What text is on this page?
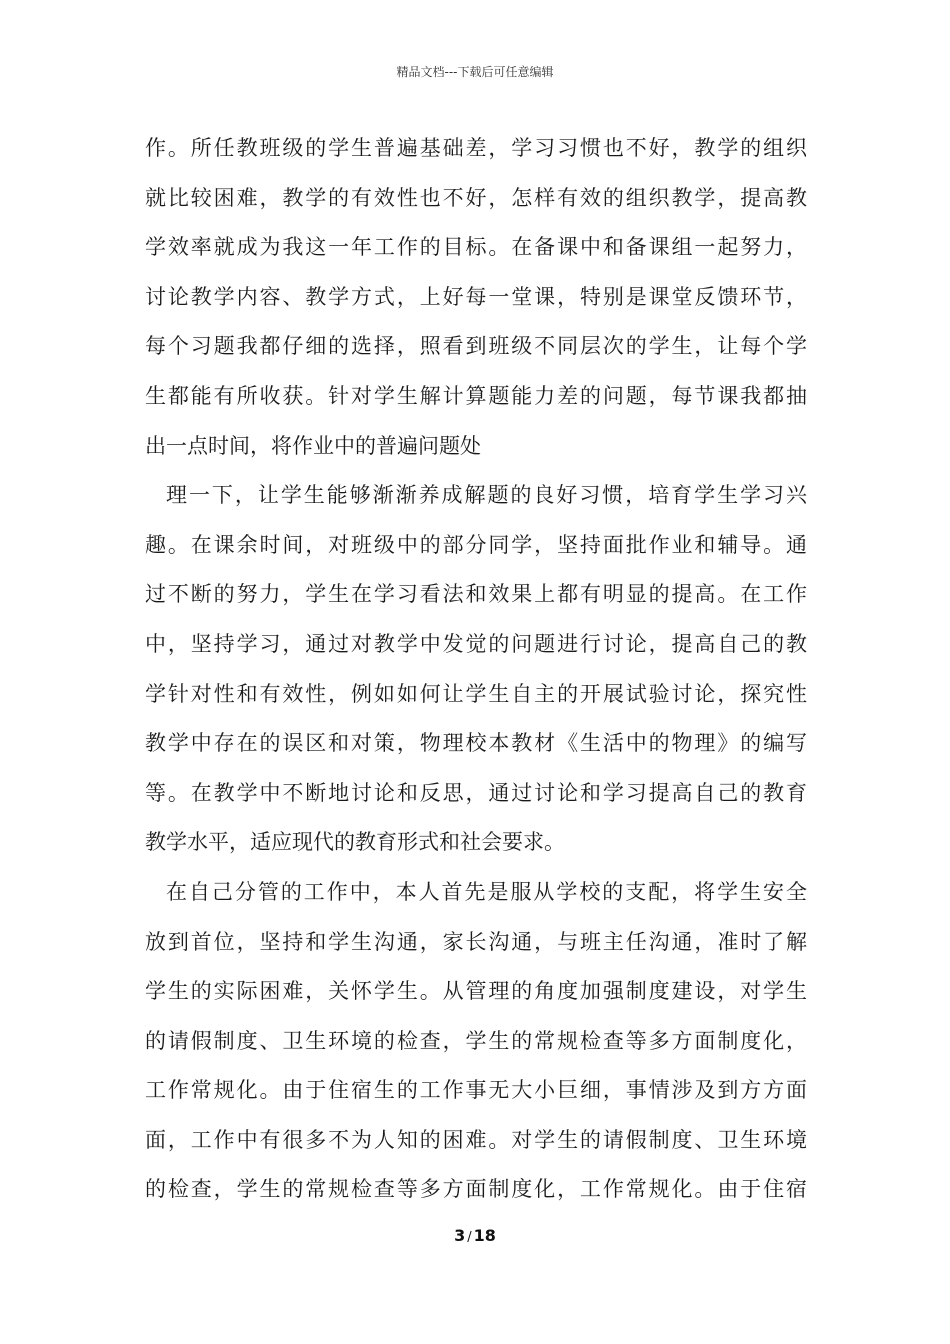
精品文档---下载后可任意编辑
作。所任教班级的学生普遍基础差，学习习惯也不好，教学的组织
就比较困难，教学的有效性也不好，怎样有效的组织教学，提高教
学效率就成为我这一年工作的目标。在备课中和备课组一起努力，
讨论教学内容、教学方式，上好每一堂课，特别是课堂反馈环节，
每个习题我都仔细的选择，照看到班级不同层次的学生，让每个学
生都能有所收获。针对学生解计算题能力差的问题，每节课我都抽
出一点时间，将作业中的普遍问题处
理一下，让学生能够渐渐养成解题的良好习惯，培育学生学习兴
趣。在课余时间，对班级中的部分同学，坚持面批作业和辅导。通
过不断的努力，学生在学习看法和效果上都有明显的提高。在工作
中，坚持学习，通过对教学中发觉的问题进行讨论，提高自己的教
学针对性和有效性，例如如何让学生自主的开展试验讨论，探究性
教学中存在的误区和对策，物理校本教材《生活中的物理》的编写
等。在教学中不断地讨论和反思，通过讨论和学习提高自己的教育
教学水平，适应现代的教育形式和社会要求。
在自己分管的工作中，本人首先是服从学校的支配，将学生安全
放到首位，坚持和学生沟通，家长沟通，与班主任沟通，准时了解
学生的实际困难，关怀学生。从管理的角度加强制度建设，对学生
的请假制度、卫生环境的检查，学生的常规检查等多方面制度化，
工作常规化。由于住宿生的工作事无大小巨细，事情涉及到方方面
面，工作中有很多不为人知的困难。对学生的请假制度、卫生环境
的检查，学生的常规检查等多方面制度化，工作常规化。由于住宿
3 / 18
